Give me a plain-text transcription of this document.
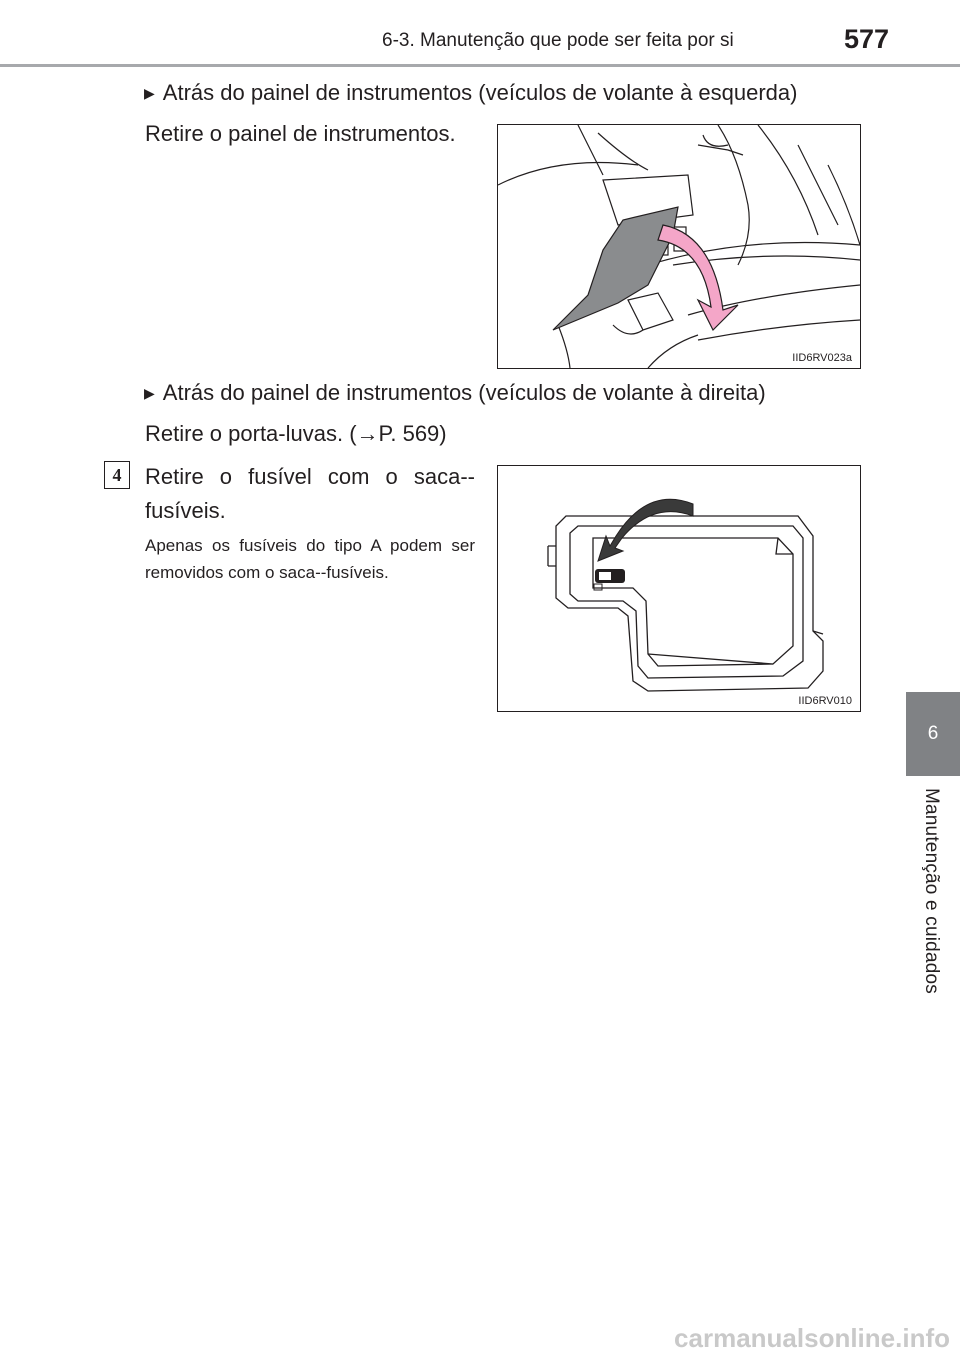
6-3. Manutenção que pode ser feita por si	577
6
Manutenção e cuidados
▶ Atrás do painel de instrumentos (veículos de volante à esquerda)
Retire o painel de instrumentos.
IID6RV023a
▶ Atrás do painel de instrumentos (veículos de volante à direita)
Retire o porta-luvas. (→P. 569)
4	Retire o fusível com o saca--fusíveis.
Apenas os fusíveis do tipo A podem ser removidos com o saca--fusíveis.
IID6RV010
carmanualsonline.info
